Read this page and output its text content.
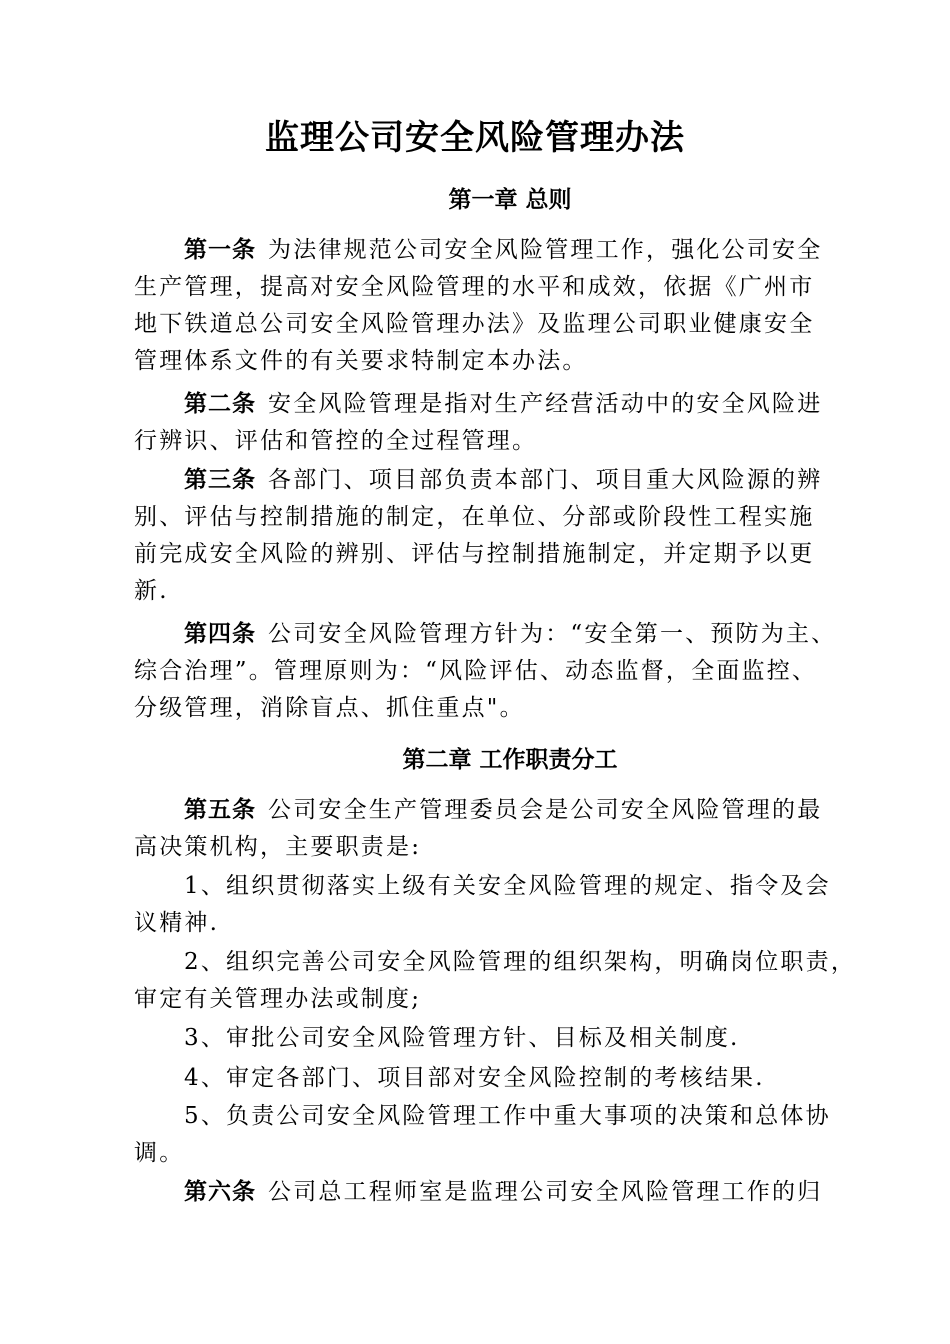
监理公司安全风险管理办法
第一章 总则
第一条 为法律规范公司安全风险管理工作，强化公司安全
生产管理，提高对安全风险管理的水平和成效，依据《广州市
地下铁道总公司安全风险管理办法》及监理公司职业健康安全
管理体系文件的有关要求特制定本办法。
第二条 安全风险管理是指对生产经营活动中的安全风险进
行辨识、评估和管控的全过程管理。
第三条 各部门、项目部负责本部门、项目重大风险源的辨
别、评估与控制措施的制定，在单位、分部或阶段性工程实施
前完成安全风险的辨别、评估与控制措施制定，并定期予以更
新.
第四条 公司安全风险管理方针为：“安全第一、预防为主、
综合治理”。管理原则为：“风险评估、动态监督，全面监控、
分级管理，消除盲点、抓住重点"。
第二章 工作职责分工
第五条 公司安全生产管理委员会是公司安全风险管理的最
高决策机构，主要职责是:
1、组织贯彻落实上级有关安全风险管理的规定、指令及会
议精神.
2、组织完善公司安全风险管理的组织架构，明确岗位职责，
审定有关管理办法或制度;
3、审批公司安全风险管理方针、目标及相关制度.
4、审定各部门、项目部对安全风险控制的考核结果.
5、负责公司安全风险管理工作中重大事项的决策和总体协
调。
第六条 公司总工程师室是监理公司安全风险管理工作的归
